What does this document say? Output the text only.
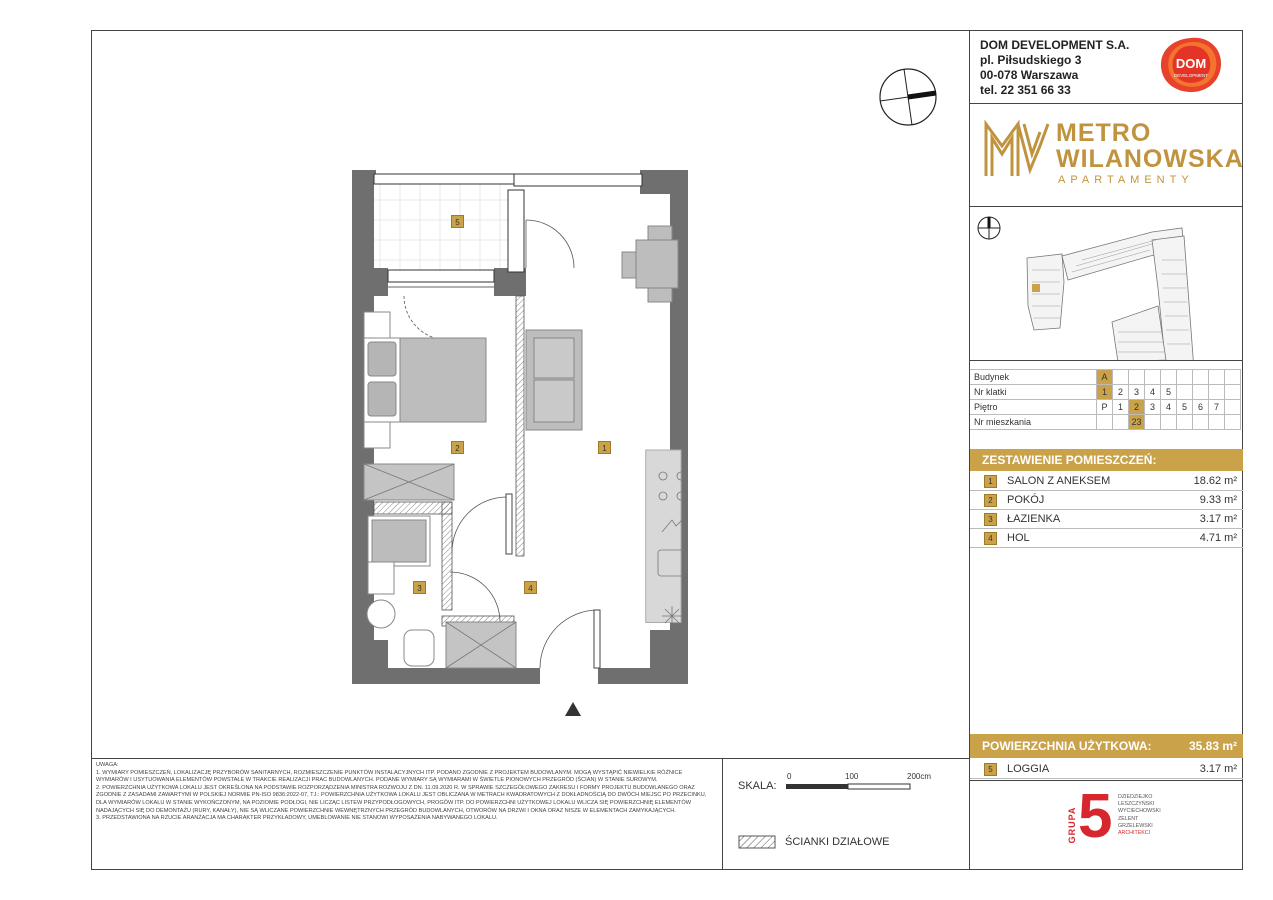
DOM DEVELOPMENT S.A.
pl. Piłsudskiego 3
00-078 Warszawa
tel. 22 351 66 33
DOM
DEVELOPMENT
METRO
WILANOWSKA
APARTAMENTY
Budynek	A								
Nr klatki	1	2	3	4	5				
Piętro	P	1	2	3	4	5	6	7	
Nr mieszkania			23						
ZESTAWIENIE POMIESZCZEŃ:
1	SALON Z ANEKSEM	18.62 m²
2	POKÓJ	9.33 m²
3	ŁAZIENKA	3.17 m²
4	HOL	4.71 m²
POWIERZCHNIA UŻYTKOWA:	35.83 m²
5	LOGGIA	3.17 m²

UWAGA:

1. WYMIARY POMIESZCZEŃ, LOKALIZACJĘ PRZYBORÓW SANITARNYCH, ROZMIESZCZENIE PUNKTÓW INSTALACYJNYCH ITP. PODANO ZGODNIE Z PROJEKTEM BUDOWLANYM. MOGĄ WYSTĄPIĆ NIEWIELKIE RÓŻNICE WYMIARÓW I USYTUOWANIA ELEMENTÓW POWSTAŁE W TRAKCIE REALIZACJI PRAC BUDOWLANYCH. PODANE WYMIARY SĄ WYMIARAMI W ŚWIETLE PIONOWYCH PRZEGRÓD (ŚCIAN) W STANIE SUROWYM.

2. POWIERZCHNIA UŻYTKOWA LOKALU JEST OKREŚLONA NA PODSTAWIE ROZPORZĄDZENIA MINISTRA ROZWOJU Z DN. 11.09.2020 R. W SPRAWIE SZCZEGÓŁOWEGO ZAKRESU I FORMY PROJEKTU BUDOWLANEGO ORAZ ZGODNIE Z ZASADAMI ZAWARTYMI W POLSKIEJ NORMIE PN-ISO 9836:2022-07, TJ.: POWIERZCHNIA UŻYTKOWA LOKALU JEST OBLICZANA W METRACH KWADRATOWYCH Z DOKŁADNOŚCIĄ DO DWÓCH MIEJSC PO PRZECINKU, DLA WYMIARÓW LOKALU W STANIE WYKOŃCZONYM, NA POZIOMIE PODŁOGI, NIE LICZĄC LISTEW PRZYPODŁOGOWYCH, PROGÓW ITP. DO POWIERZCHNI UŻYTKOWEJ LOKALU WLICZA SIĘ POWIERZCHNIĘ ELEMENTÓW NADAJĄCYCH SIĘ DO DEMONTAŻU (RURY, KANAŁY), NIE SĄ WLICZANE POWIERZCHNIE WEWNĘTRZNYCH PRZEGRÓD BUDOWLANYCH, OTWORÓW NA DRZWI I OKNA ORAZ NISZE W ELEMENTACH ZAMYKAJĄCYCH.

3. PRZEDSTAWIONA NA RZUCIE ARANŻACJA MA CHARAKTER PRZYKŁADOWY, UMEBLOWANIE NIE STANOWI WYPOSAŻENIA NABYWANEGO LOKALU.

SKALA:
0	100	200cm
ŚCIANKI DZIAŁOWE	GRUPA 5 DZIEDZIEJKO
LESZCZYŃSKI
WYCIECHOWSKI
ZELENT
GRZELEWSKI
ARCHITEKCI
5
2	1
3	4
